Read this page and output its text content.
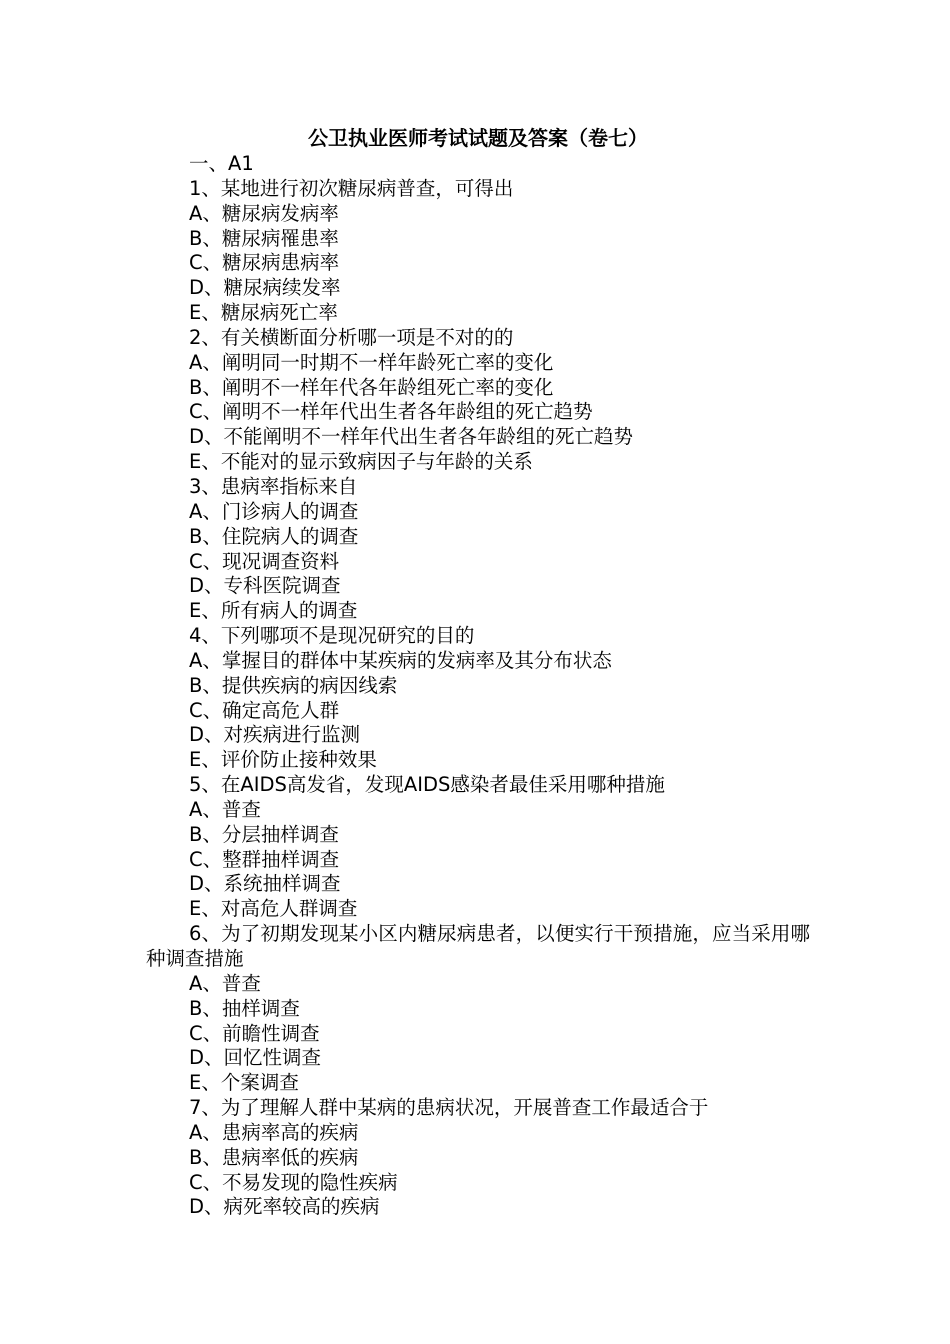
公卫执业医师考试试题及答案（卷七）
一、A1
1、某地进行初次糖尿病普查，可得出
A、糖尿病发病率
B、糖尿病罹患率
C、糖尿病患病率
D、糖尿病续发率
E、糖尿病死亡率
2、有关横断面分析哪一项是不对的的
A、阐明同一时期不一样年龄死亡率的变化
B、阐明不一样年代各年龄组死亡率的变化
C、阐明不一样年代出生者各年龄组的死亡趋势
D、不能阐明不一样年代出生者各年龄组的死亡趋势
E、不能对的显示致病因子与年龄的关系
3、患病率指标来自
A、门诊病人的调查
B、住院病人的调查
C、现况调查资料
D、专科医院调查
E、所有病人的调查
4、下列哪项不是现况研究的目的
A、掌握目的群体中某疾病的发病率及其分布状态
B、提供疾病的病因线索
C、确定高危人群
D、对疾病进行监测
E、评价防止接种效果
5、在AIDS高发省，发现AIDS感染者最佳采用哪种措施
A、普查
B、分层抽样调查
C、整群抽样调查
D、系统抽样调查
E、对高危人群调查
6、为了初期发现某小区内糖尿病患者，以便实行干预措施，应当采用哪种调查措施
A、普查
B、抽样调查
C、前瞻性调查
D、回忆性调查
E、个案调查
7、为了理解人群中某病的患病状况，开展普查工作最适合于
A、患病率高的疾病
B、患病率低的疾病
C、不易发现的隐性疾病
D、病死率较高的疾病
